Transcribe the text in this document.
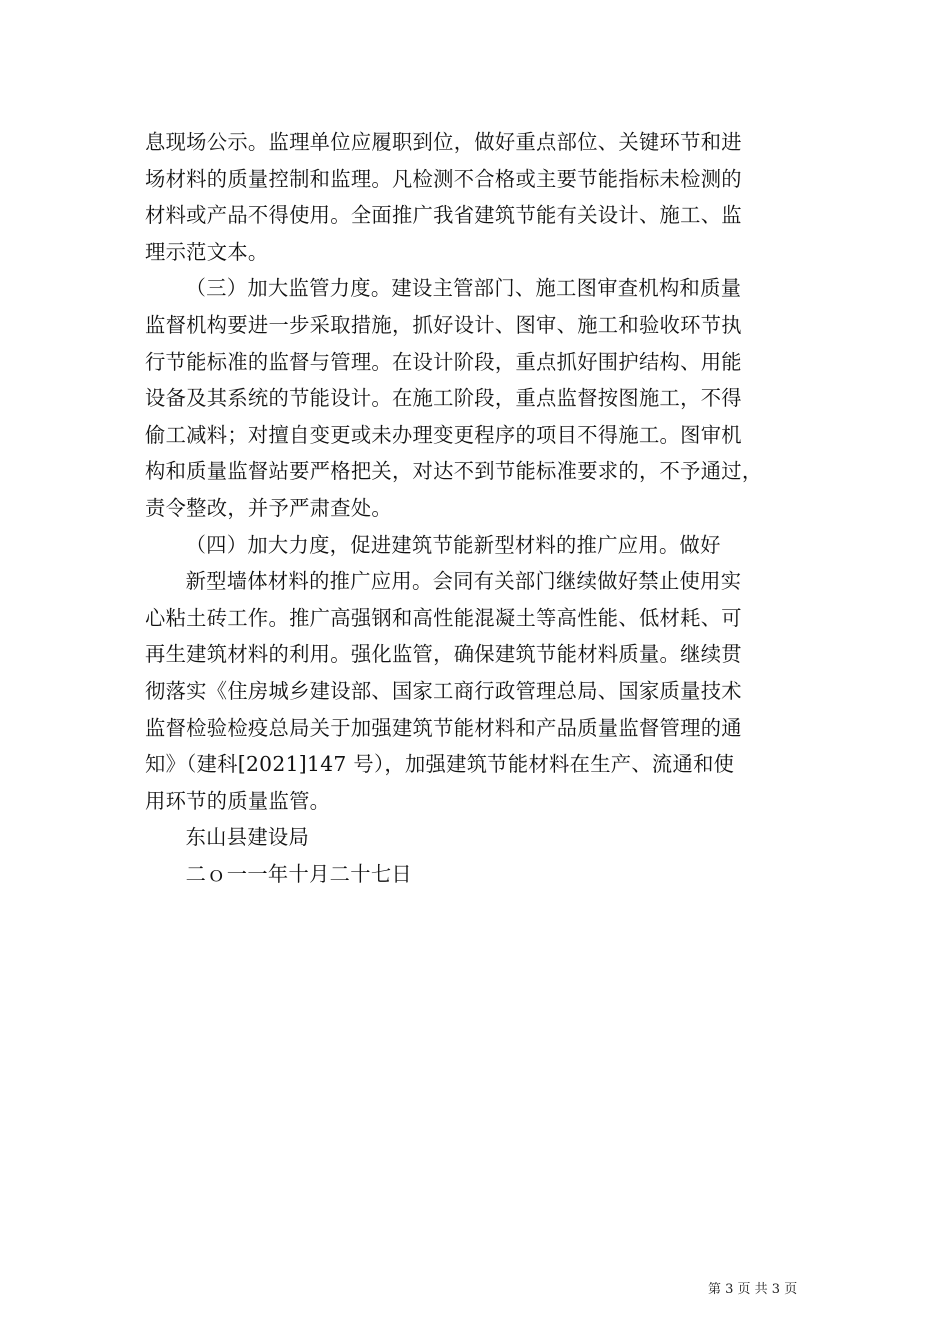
息现场公示。监理单位应履职到位，做好重点部位、关键环节和进
场材料的质量控制和监理。凡检测不合格或主要节能指标未检测的
材料或产品不得使用。全面推广我省建筑节能有关设计、施工、监
理示范文本。
（三）加大监管力度。建设主管部门、施工图审查机构和质量
监督机构要进一步采取措施，抓好设计、图审、施工和验收环节执
行节能标准的监督与管理。在设计阶段，重点抓好围护结构、用能
设备及其系统的节能设计。在施工阶段，重点监督按图施工，不得
偷工减料；对擅自变更或未办理变更程序的项目不得施工。图审机
构和质量监督站要严格把关，对达不到节能标准要求的，不予通过，
责令整改，并予严肃查处。
（四）加大力度，促进建筑节能新型材料的推广应用。做好
新型墙体材料的推广应用。会同有关部门继续做好禁止使用实
心粘土砖工作。推广高强钢和高性能混凝土等高性能、低材耗、可
再生建筑材料的利用。强化监管，确保建筑节能材料质量。继续贯
彻落实《住房城乡建设部、国家工商行政管理总局、国家质量技术
监督检验检疫总局关于加强建筑节能材料和产品质量监督管理的通
知》（建科[2021]147 号），加强建筑节能材料在生产、流通和使
用环节的质量监管。
东山县建设局
二ｏ一一年十月二十七日
第 3 页 共 3 页
